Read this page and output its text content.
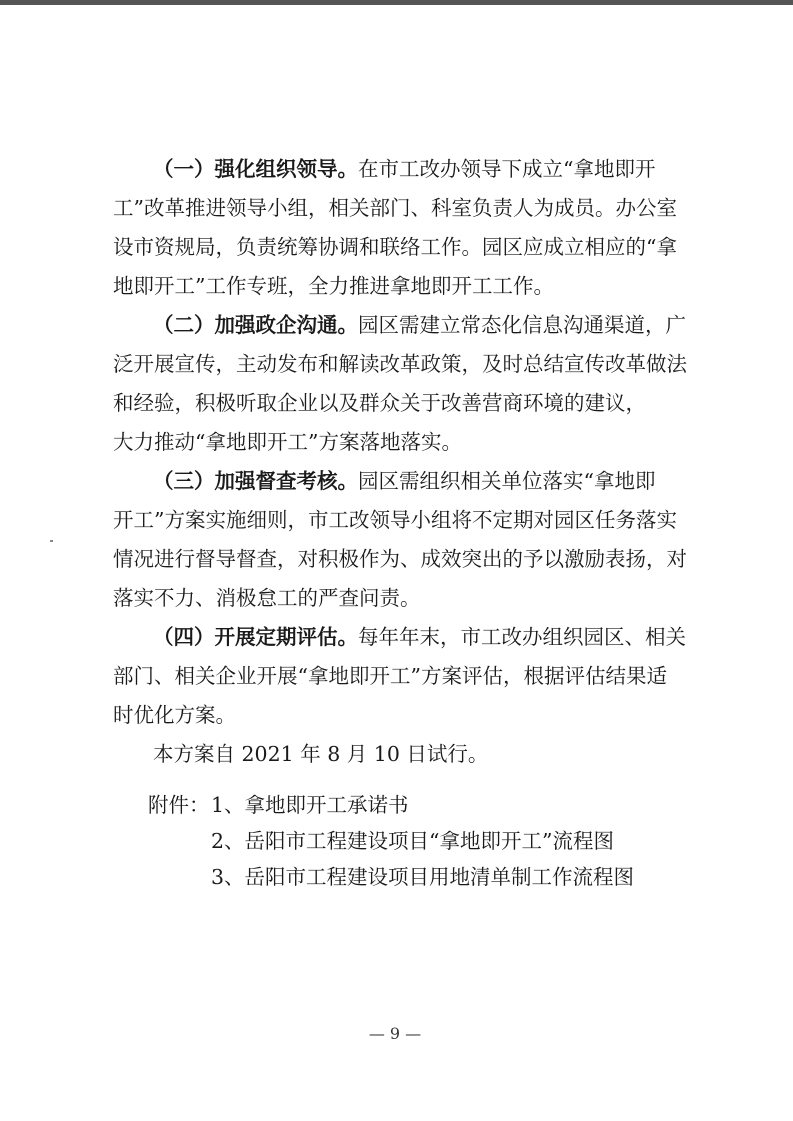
（一）强化组织领导。在市工改办领导下成立“拿地即开
工”改革推进领导小组，相关部门、科室负责人为成员。办公室
设市资规局，负责统筹协调和联络工作。园区应成立相应的“拿
地即开工”工作专班，全力推进拿地即开工工作。
（二）加强政企沟通。园区需建立常态化信息沟通渠道，广
泛开展宣传，主动发布和解读改革政策，及时总结宣传改革做法
和经验，积极听取企业以及群众关于改善营商环境的建议，
大力推动“拿地即开工”方案落地落实。
（三）加强督查考核。园区需组织相关单位落实“拿地即
开工”方案实施细则，市工改领导小组将不定期对园区任务落实
情况进行督导督查，对积极作为、成效突出的予以激励表扬，对
落实不力、消极怠工的严查问责。
（四）开展定期评估。每年年末，市工改办组织园区、相关
部门、相关企业开展“拿地即开工”方案评估，根据评估结果适
时优化方案。
本方案自 2021 年 8 月 10 日试行。
附件： 1、拿地即开工承诺书
2、岳阳市工程建设项目“拿地即开工”流程图
3、岳阳市工程建设项目用地清单制工作流程图
— 9 —
